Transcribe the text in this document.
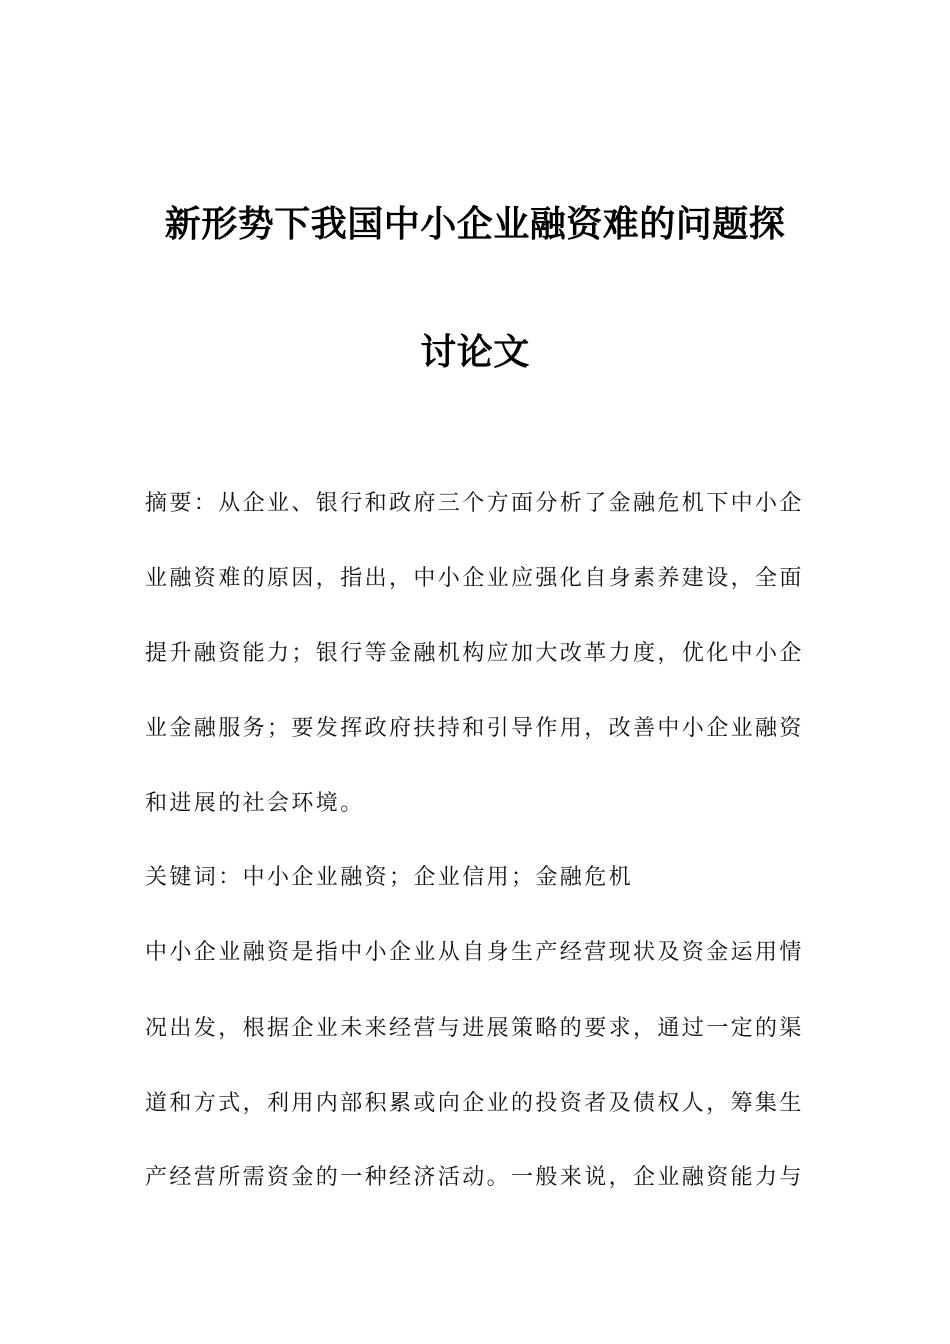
新形势下我国中小企业融资难的问题探
讨论文
摘要：从企业、银行和政府三个方面分析了金融危机下中小企
业融资难的原因，指出，中小企业应强化自身素养建设，全面
提升融资能力；银行等金融机构应加大改革力度，优化中小企
业金融服务；要发挥政府扶持和引导作用，改善中小企业融资
和进展的社会环境。
关键词：中小企业融资；企业信用；金融危机
中小企业融资是指中小企业从自身生产经营现状及资金运用情
况出发，根据企业未来经营与进展策略的要求，通过一定的渠
道和方式，利用内部积累或向企业的投资者及债权人，筹集生
产经营所需资金的一种经济活动。一般来说，企业融资能力与
